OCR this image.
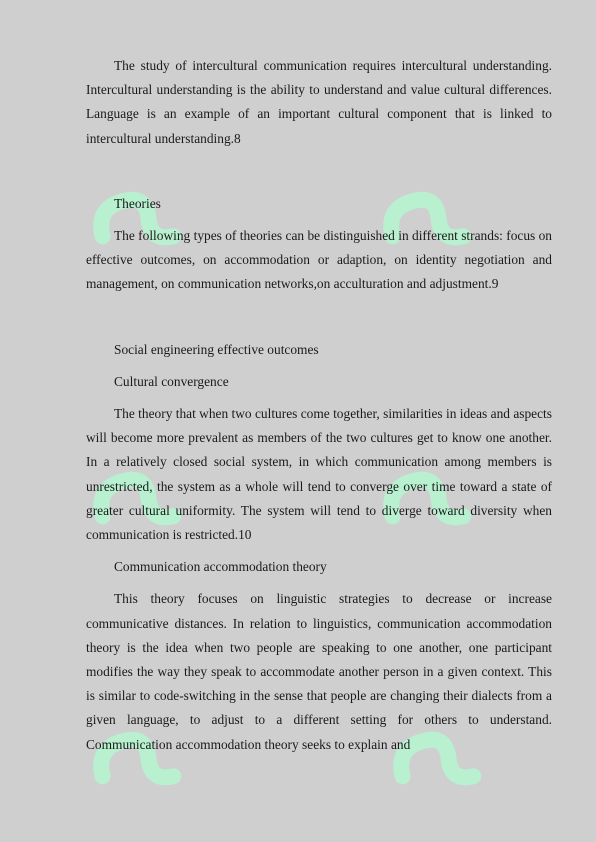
The study of intercultural communication requires intercultural understanding. Intercultural understanding is the ability to understand and value cultural differences. Language is an example of an important cultural component that is linked to intercultural understanding.8

Theories

The following types of theories can be distinguished in different strands: focus on effective outcomes, on accommodation or adaption, on identity negotiation and management, on communication networks,on acculturation and adjustment.9

Social engineering effective outcomes

Cultural convergence

The theory that when two cultures come together, similarities in ideas and aspects will become more prevalent as members of the two cultures get to know one another. In a relatively closed social system, in which communication among members is unrestricted, the system as a whole will tend to converge over time toward a state of greater cultural uniformity. The system will tend to diverge toward diversity when communication is restricted.10

Communication accommodation theory

This theory focuses on linguistic strategies to decrease or increase communicative distances. In relation to linguistics, communication accommodation theory is the idea when two people are speaking to one another, one participant modifies the way they speak to accommodate another person in a given context. This is similar to code-switching in the sense that people are changing their dialects from a given language, to adjust to a different setting for others to understand. Communication accommodation theory seeks to explain and
